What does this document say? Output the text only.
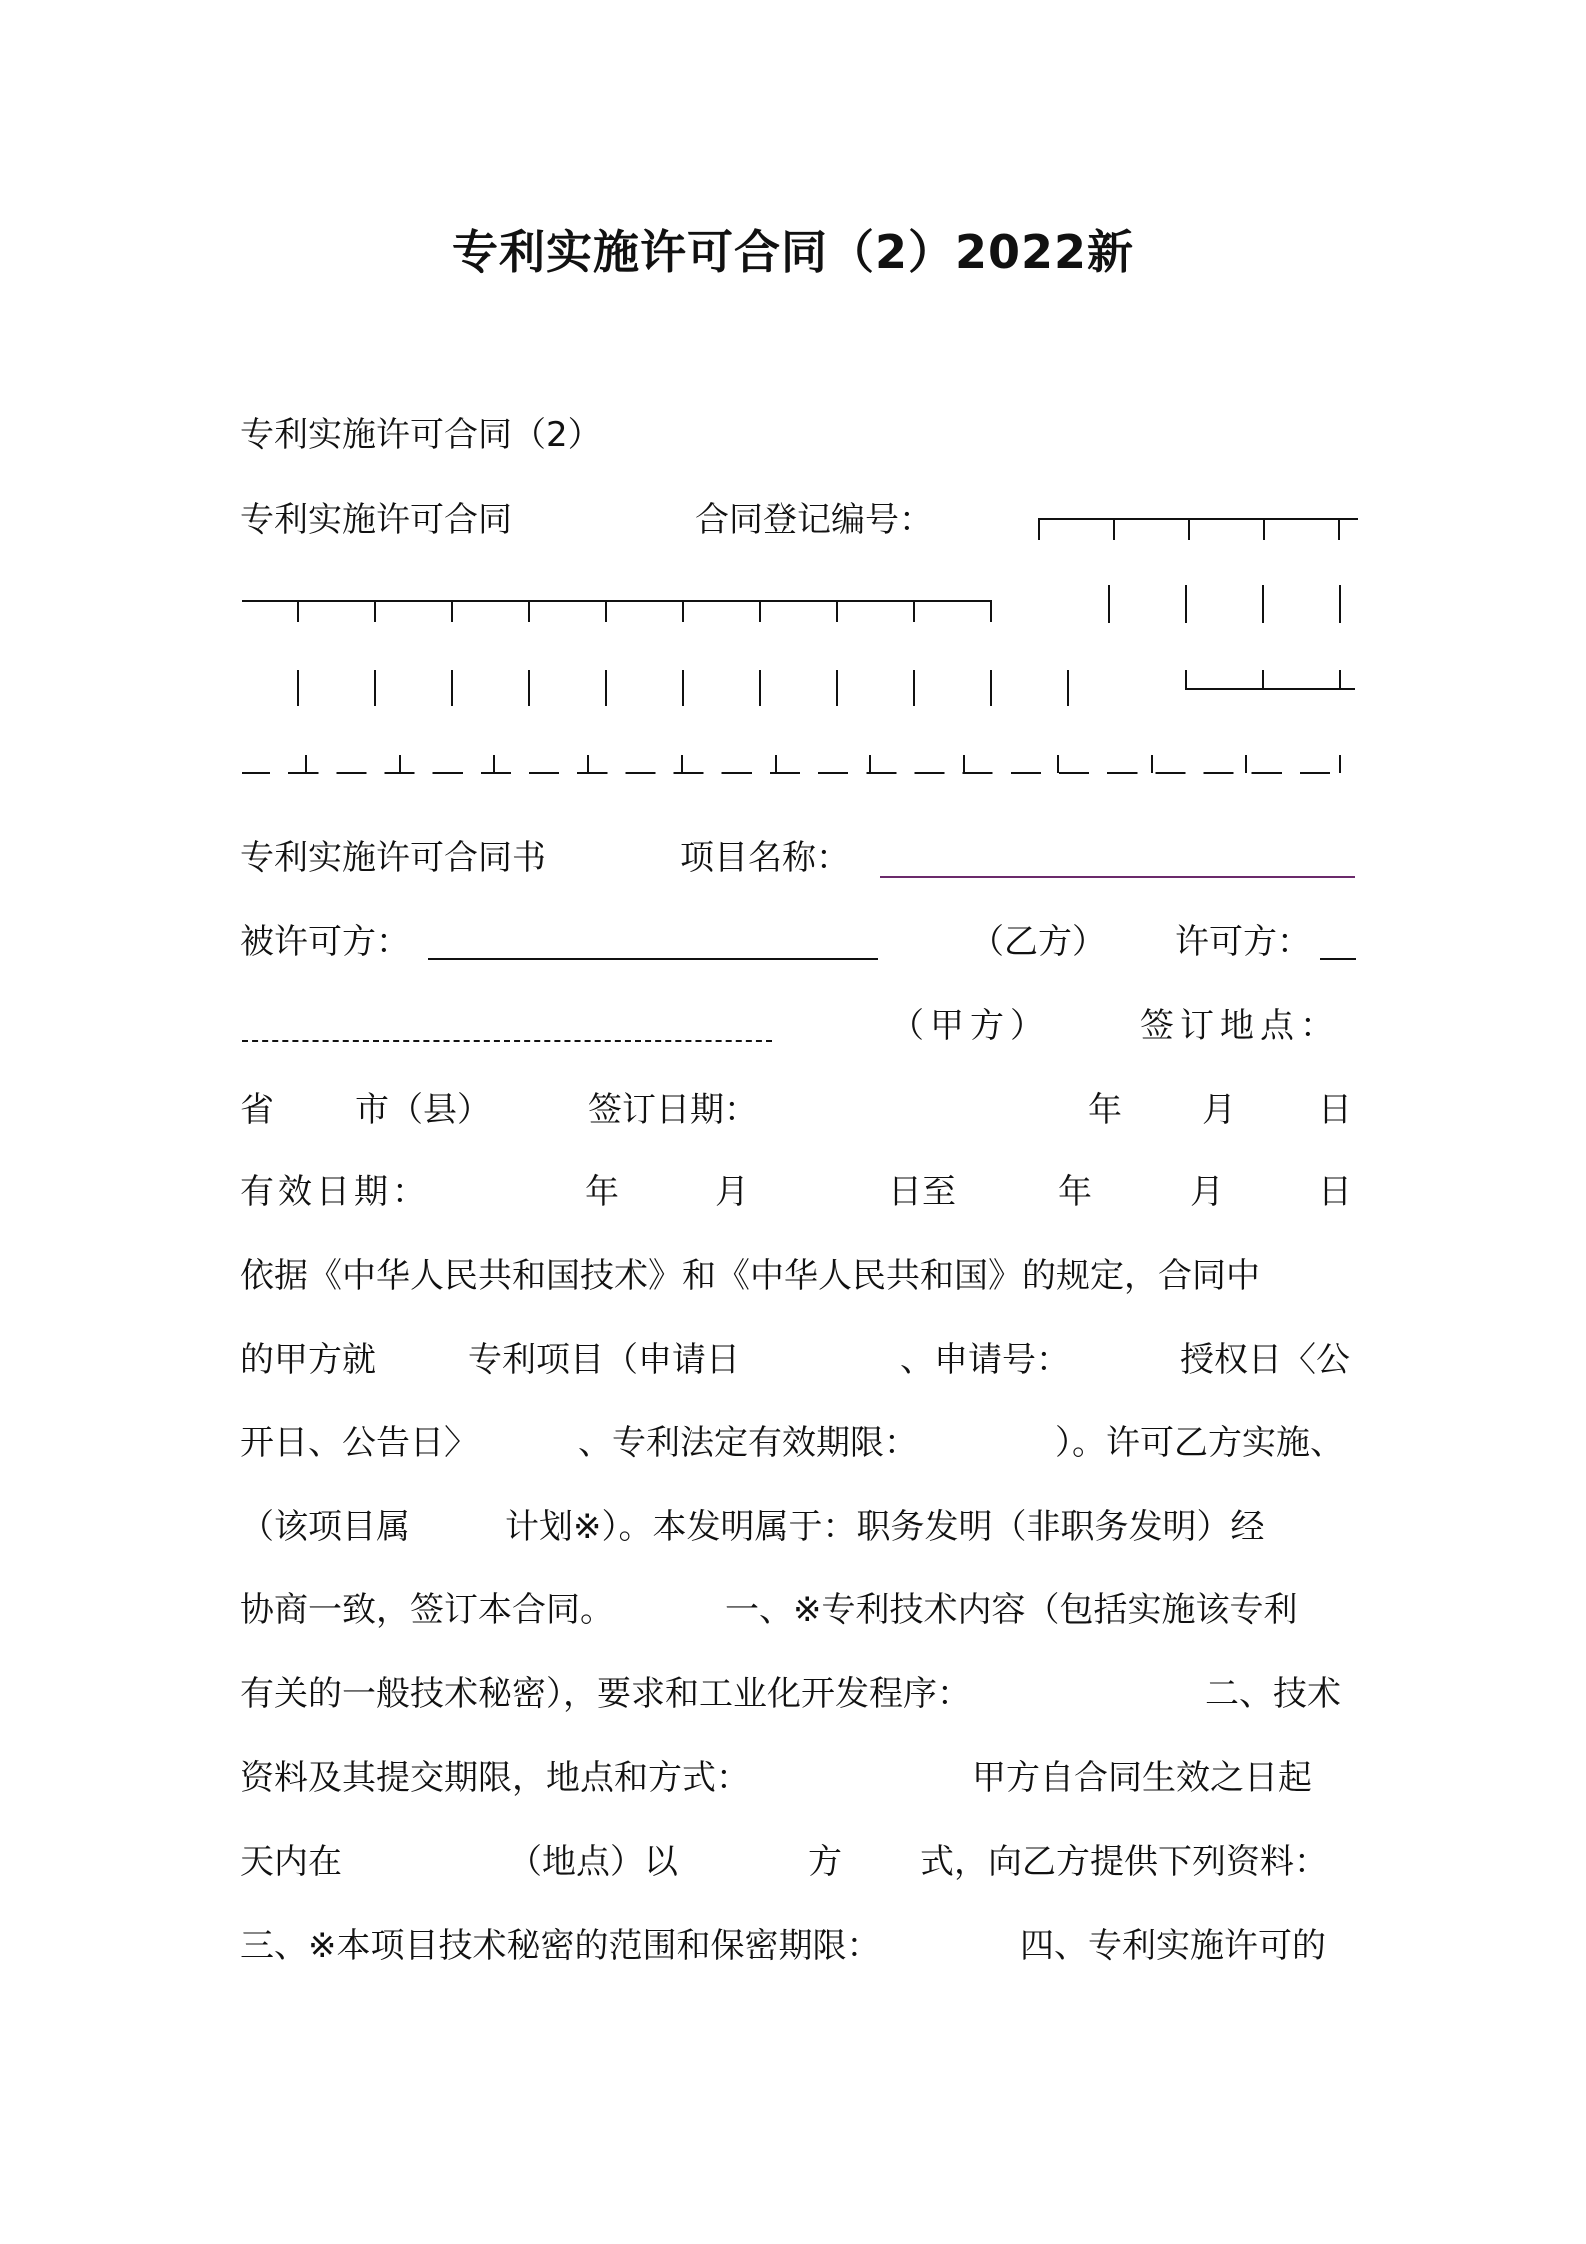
专利实施许可合同（2）2022新
专利实施许可合同（2）
专利实施许可合同	合同登记编号：
专利实施许可合同书	项目名称：
被许可方：	（乙方） 许可方：
（甲方）	签订地点：
省 市（县）	签订日期：	年 月 日
有效日期：	年	月	日至	年	月	日
依据《中华人民共和国技术》和《中华人民共和国》的规定，合同中
的甲方就	专利项目（申请日	、申请号：	授权日〈公
开日、公告日〉	、专利法定有效期限：	）。许可乙方实施、
（该项目属	计划※）。本发明属于：职务发明（非职务发明）经
协商一致，签订本合同。	一、※专利技术内容（包括实施该专利
有关的一般技术秘密），要求和工业化开发程序：	二、技术
资料及其提交期限，地点和方式：	甲方自合同生效之日起
天内在	（地点）以	方 式，向乙方提供下列资料：
三、※本项目技术秘密的范围和保密期限：	四、专利实施许可的
